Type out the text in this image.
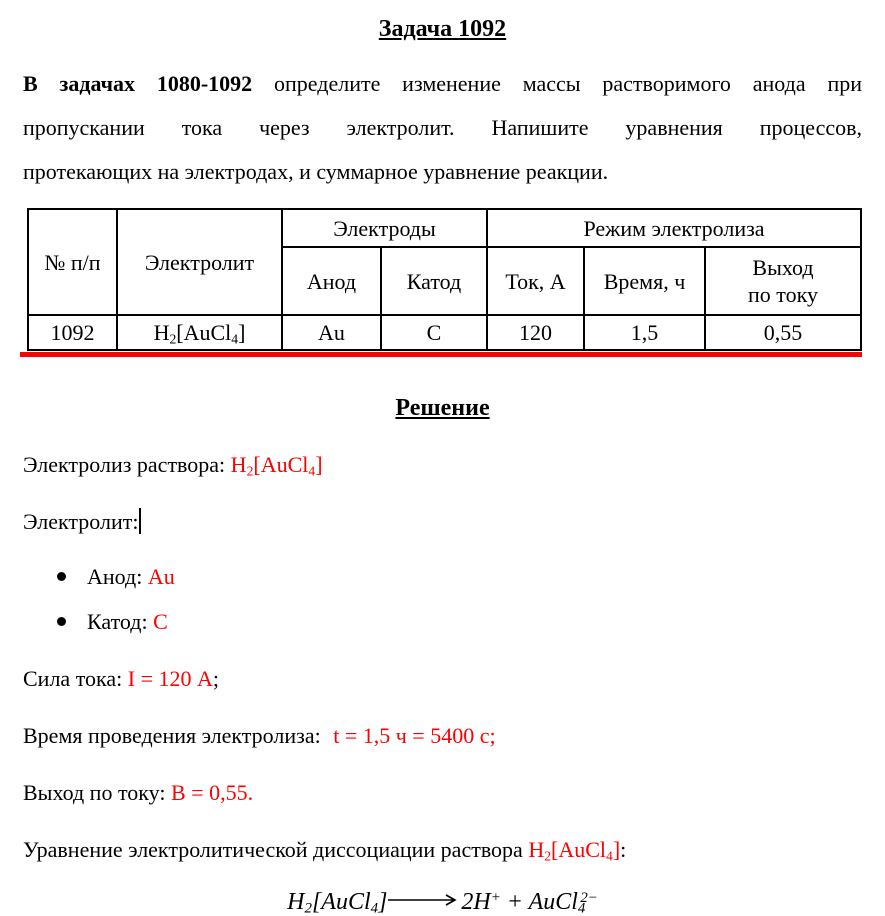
Задача 1092
В задачах 1080-1092 определите изменение массы растворимого анода при
пропускании тока через электролит. Напишите уравнения процессов,
протекающих на электродах, и суммарное уравнение реакции.
№ п/п	Электролит	Электроды		Режим электролиза		
		Анод	Катод	Ток, А	Время, ч	Выход
по току

1092	$H_2[AuCl_4]$	Au	C	120	1,5	0,55
Решение

Электролиз раствора: $H_2[AuCl_4]$

Электролит:

Анод: Au
Катод: C

Сила тока: I = 120 А;

Время проведения электролиза: t = 1,5 ч = 5400 с;

Выход по току: В = 0,55.

Уравнение электролитической диссоциации раствора $H_2[AuCl_4]$:

$H_2[AuCl_4]$	2H+ + AuCl$_4^{2-}$
